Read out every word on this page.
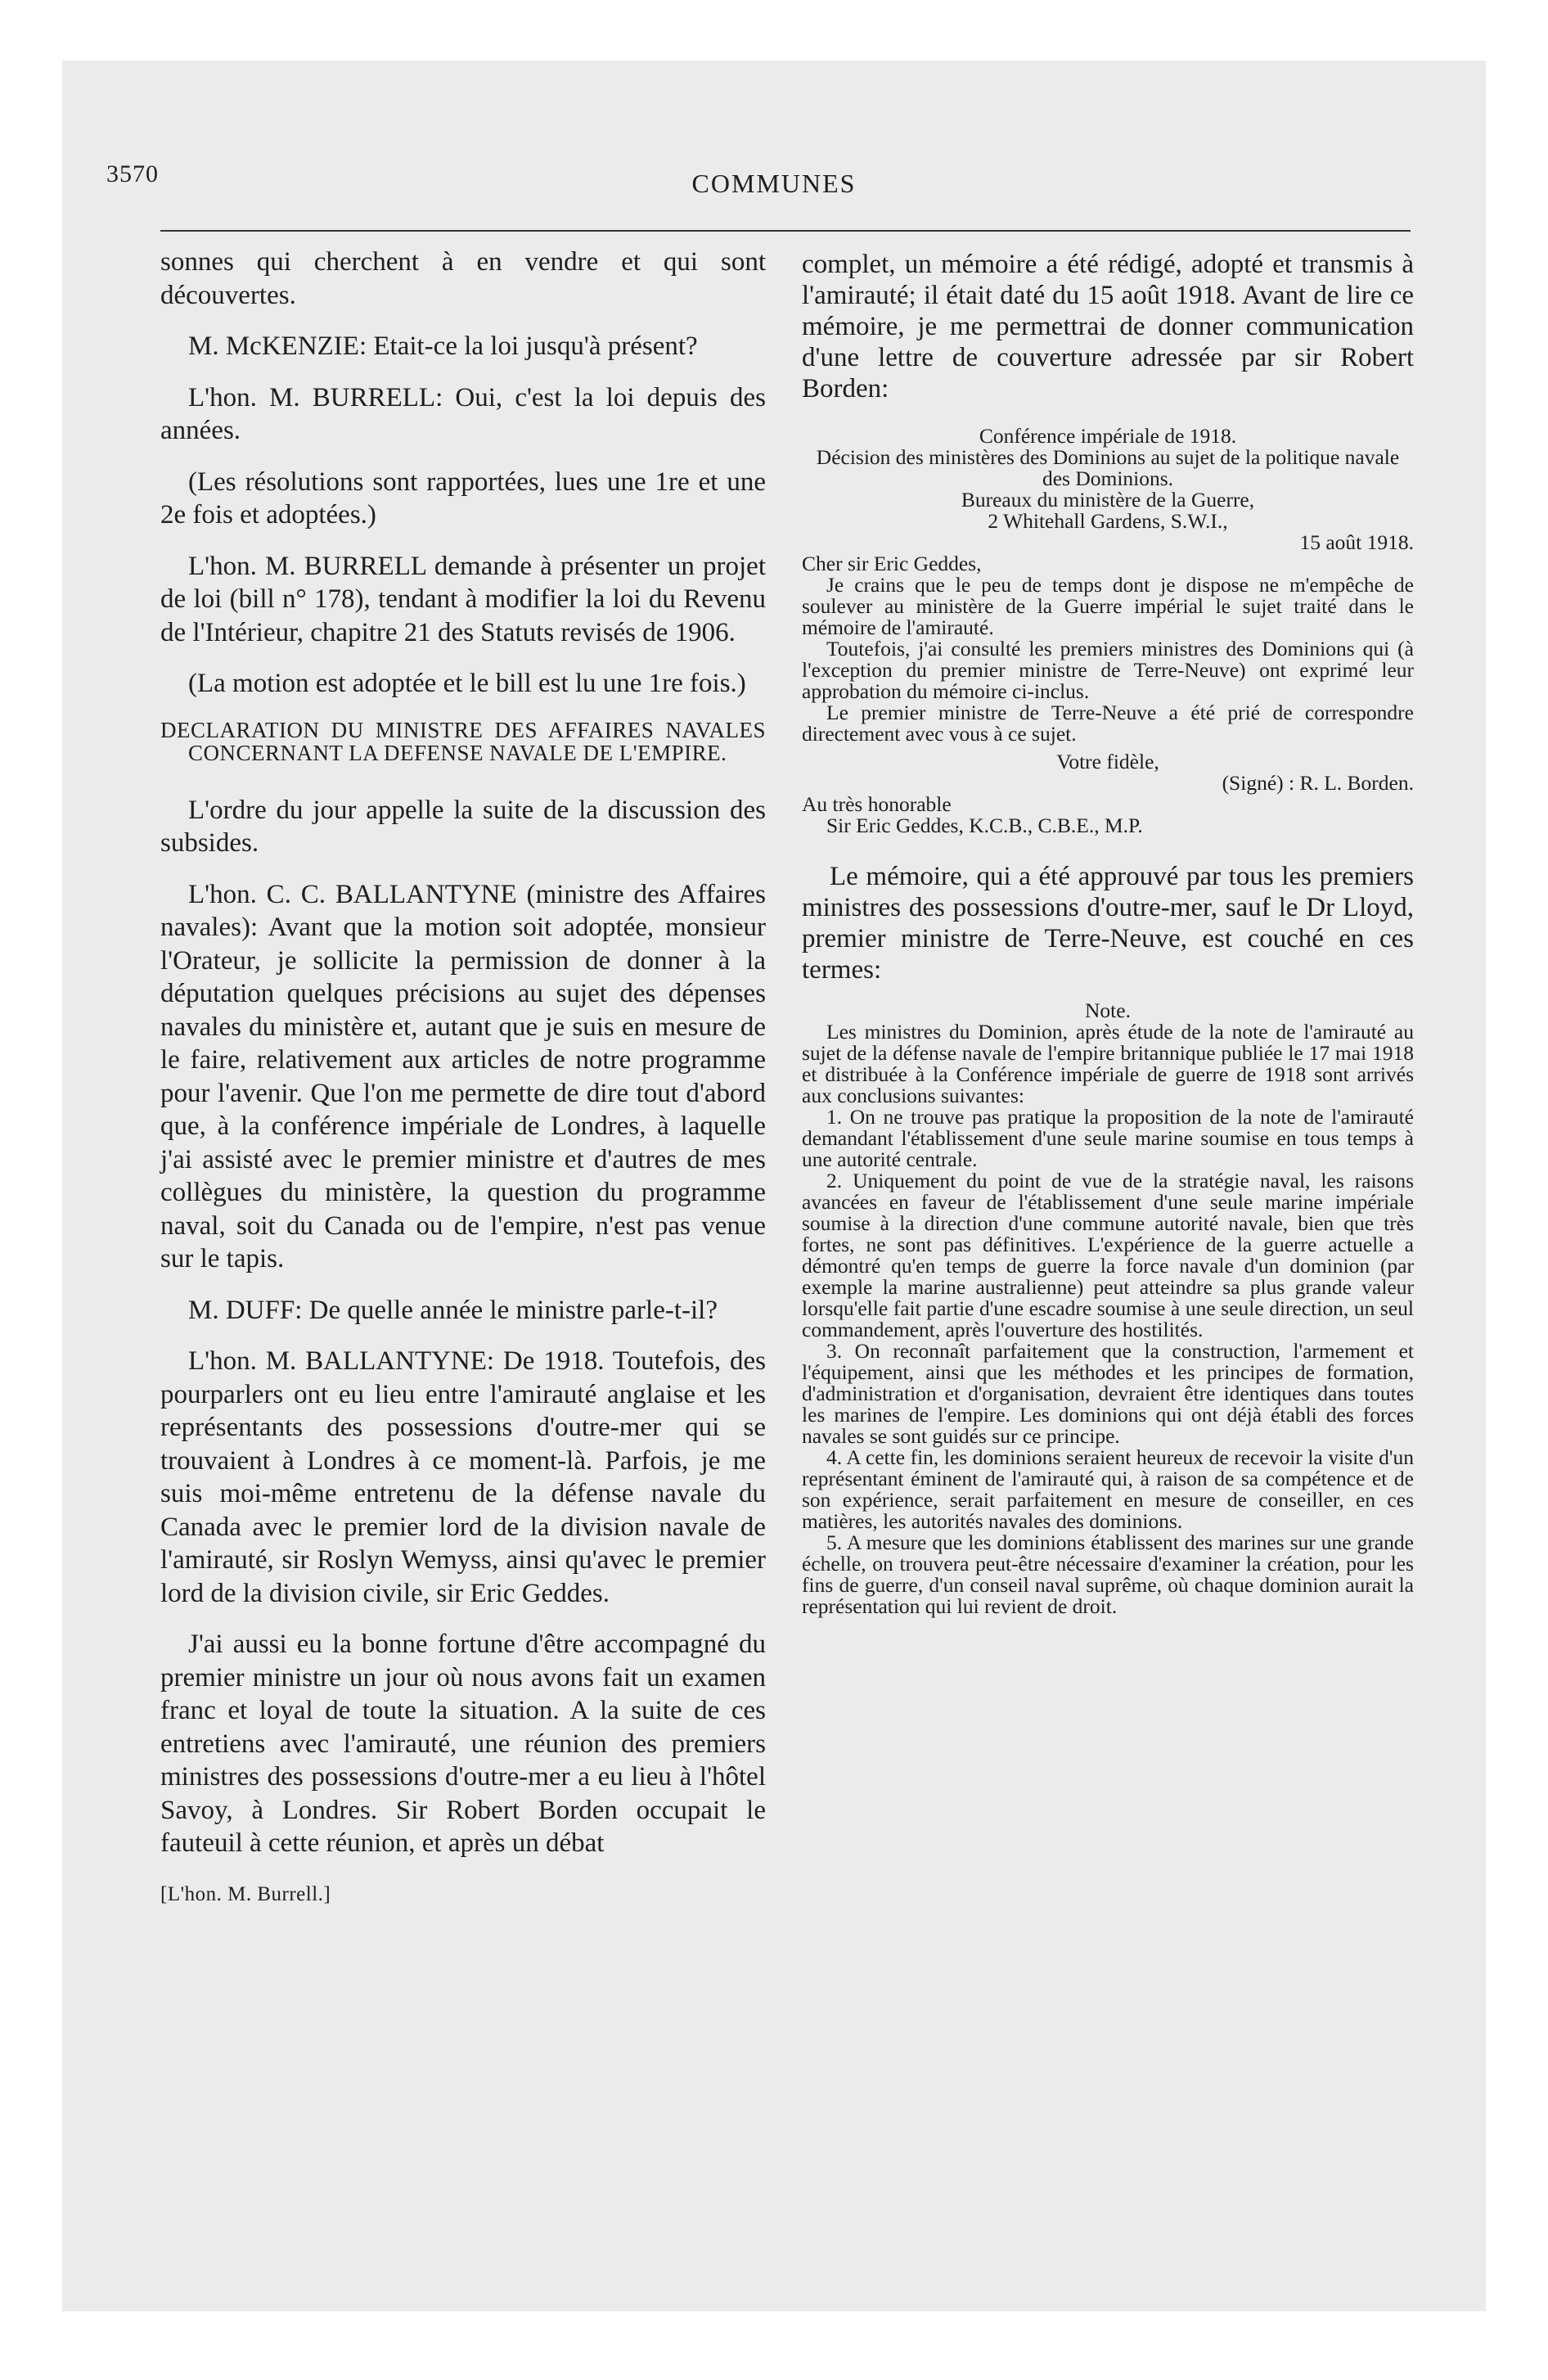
3570	COMMUNES

sonnes qui cherchent à en vendre et qui sont découvertes.

M. McKENZIE: Etait-ce la loi jusqu'à présent?

L'hon. M. BURRELL: Oui, c'est la loi depuis des années.

(Les résolutions sont rapportées, lues une 1re et une 2e fois et adoptées.)

L'hon. M. BURRELL demande à présenter un projet de loi (bill n° 178), tendant à modifier la loi du Revenu de l'Intérieur, chapitre 21 des Statuts revisés de 1906.

(La motion est adoptée et le bill est lu une 1re fois.)

DECLARATION DU MINISTRE DES AFFAIRES NAVALES CONCERNANT LA DEFENSE NAVALE DE L'EMPIRE.

L'ordre du jour appelle la suite de la discussion des subsides.

L'hon. C. C. BALLANTYNE (ministre des Affaires navales): Avant que la motion soit adoptée, monsieur l'Orateur, je sollicite la permission de donner à la députation quelques précisions au sujet des dépenses navales du ministère et, autant que je suis en mesure de le faire, relativement aux articles de notre programme pour l'avenir. Que l'on me permette de dire tout d'abord que, à la conférence impériale de Londres, à laquelle j'ai assisté avec le premier ministre et d'autres de mes collègues du ministère, la question du programme naval, soit du Canada ou de l'empire, n'est pas venue sur le tapis.

M. DUFF: De quelle année le ministre parle-t-il?

L'hon. M. BALLANTYNE: De 1918. Toutefois, des pourparlers ont eu lieu entre l'amirauté anglaise et les représentants des possessions d'outre-mer qui se trouvaient à Londres à ce moment-là. Parfois, je me suis moi-même entretenu de la défense navale du Canada avec le premier lord de la division navale de l'amirauté, sir Roslyn Wemyss, ainsi qu'avec le premier lord de la division civile, sir Eric Geddes.

J'ai aussi eu la bonne fortune d'être accompagné du premier ministre un jour où nous avons fait un examen franc et loyal de toute la situation. A la suite de ces entretiens avec l'amirauté, une réunion des premiers ministres des possessions d'outre-mer a eu lieu à l'hôtel Savoy, à Londres. Sir Robert Borden occupait le fauteuil à cette réunion, et après un débat

[L'hon. M. Burrell.]

complet, un mémoire a été rédigé, adopté et transmis à l'amirauté; il était daté du 15 août 1918. Avant de lire ce mémoire, je me permettrai de donner communication d'une lettre de couverture adressée par sir Robert Borden:

Conférence impériale de 1918.
Décision des ministères des Dominions au sujet de la politique navale des Dominions.
Bureaux du ministère de la Guerre,
2 Whitehall Gardens, S.W.I.,
15 août 1918.
Cher sir Eric Geddes,

Je crains que le peu de temps dont je dispose ne m'empêche de soulever au ministère de la Guerre impérial le sujet traité dans le mémoire de l'amirauté.

Toutefois, j'ai consulté les premiers ministres des Dominions qui (à l'exception du premier ministre de Terre-Neuve) ont exprimé leur approbation du mémoire ci-inclus.

Le premier ministre de Terre-Neuve a été prié de correspondre directement avec vous à ce sujet.

Votre fidèle,
(Signé) : R. L. Borden.
Au très honorable
Sir Eric Geddes, K.C.B., C.B.E., M.P.

Le mémoire, qui a été approuvé par tous les premiers ministres des possessions d'outre-mer, sauf le Dr Lloyd, premier ministre de Terre-Neuve, est couché en ces termes:

Note.

Les ministres du Dominion, après étude de la note de l'amirauté au sujet de la défense navale de l'empire britannique publiée le 17 mai 1918 et distribuée à la Conférence impériale de guerre de 1918 sont arrivés aux conclusions suivantes:

1. On ne trouve pas pratique la proposition de la note de l'amirauté demandant l'établissement d'une seule marine soumise en tous temps à une autorité centrale.

2. Uniquement du point de vue de la stratégie naval, les raisons avancées en faveur de l'établissement d'une seule marine impériale soumise à la direction d'une commune autorité navale, bien que très fortes, ne sont pas définitives. L'expérience de la guerre actuelle a démontré qu'en temps de guerre la force navale d'un dominion (par exemple la marine australienne) peut atteindre sa plus grande valeur lorsqu'elle fait partie d'une escadre soumise à une seule direction, un seul commandement, après l'ouverture des hostilités.

3. On reconnaît parfaitement que la construction, l'armement et l'équipement, ainsi que les méthodes et les principes de formation, d'administration et d'organisation, devraient être identiques dans toutes les marines de l'empire. Les dominions qui ont déjà établi des forces navales se sont guidés sur ce principe.

4. A cette fin, les dominions seraient heureux de recevoir la visite d'un représentant éminent de l'amirauté qui, à raison de sa compétence et de son expérience, serait parfaitement en mesure de conseiller, en ces matières, les autorités navales des dominions.

5. A mesure que les dominions établissent des marines sur une grande échelle, on trouvera peut-être nécessaire d'examiner la création, pour les fins de guerre, d'un conseil naval suprême, où chaque dominion aurait la représentation qui lui revient de droit.
